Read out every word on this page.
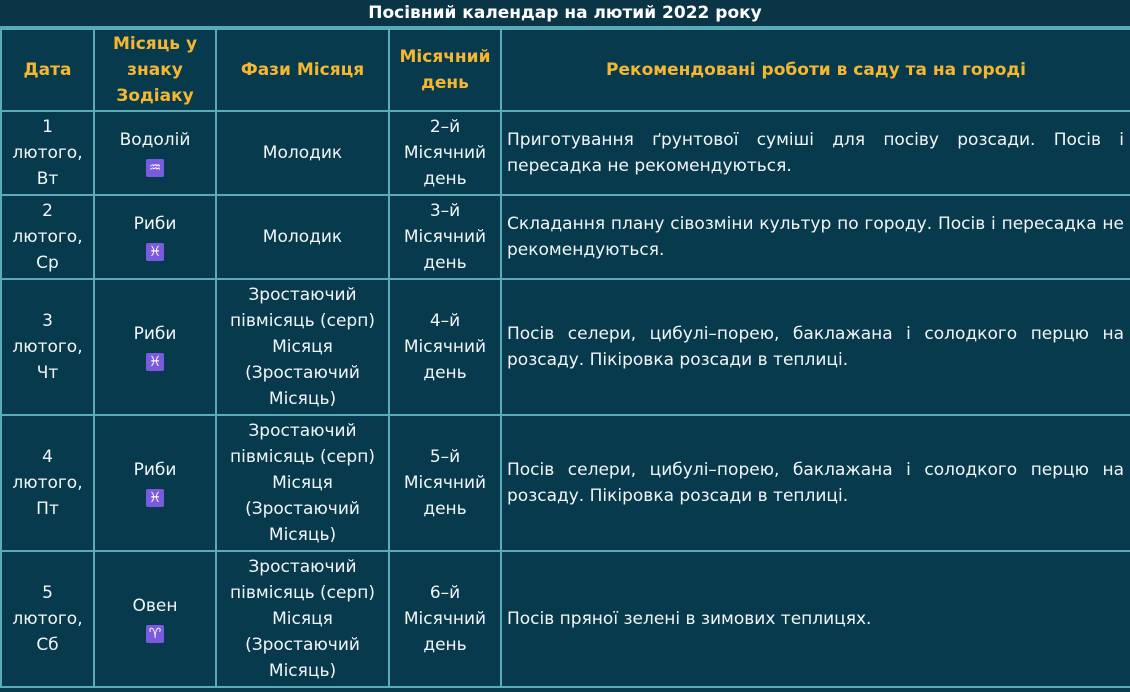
Посівний календар на лютий 2022 року
Дата	Місяць у знаку Зодіаку	Фази Місяця	Місячний день	Рекомендовані роботи в саду та на городі

1
лютого,
Вт	Водолій
♒	Молодик	2–й
Місячний
день	Приготування ґрунтової суміші для посіву розсади. Посів і пересадка не рекомендуються.

2
лютого,
Ср	Риби
♓	Молодик	3–й
Місячний
день	Складання плану сівозміни культур по городу. Посів і пересадка не рекомендуються.

3
лютого,
Чт	Риби
♓	Зростаючий
півмісяць (серп)
Місяця
(Зростаючий
Місяць)	4–й
Місячний
день	Посів селери, цибулі–порею, баклажана і солодкого перцю на розсаду. Пікіровка розсади в теплиці.

4
лютого,
Пт	Риби
♓	Зростаючий
півмісяць (серп)
Місяця
(Зростаючий
Місяць)	5–й
Місячний
день	Посів селери, цибулі–порею, баклажана і солодкого перцю на розсаду. Пікіровка розсади в теплиці.

5
лютого,
Сб	Овен
♈	Зростаючий
півмісяць (серп)
Місяця
(Зростаючий
Місяць)	6–й
Місячний
день	Посів пряної зелені в зимових теплицях.
